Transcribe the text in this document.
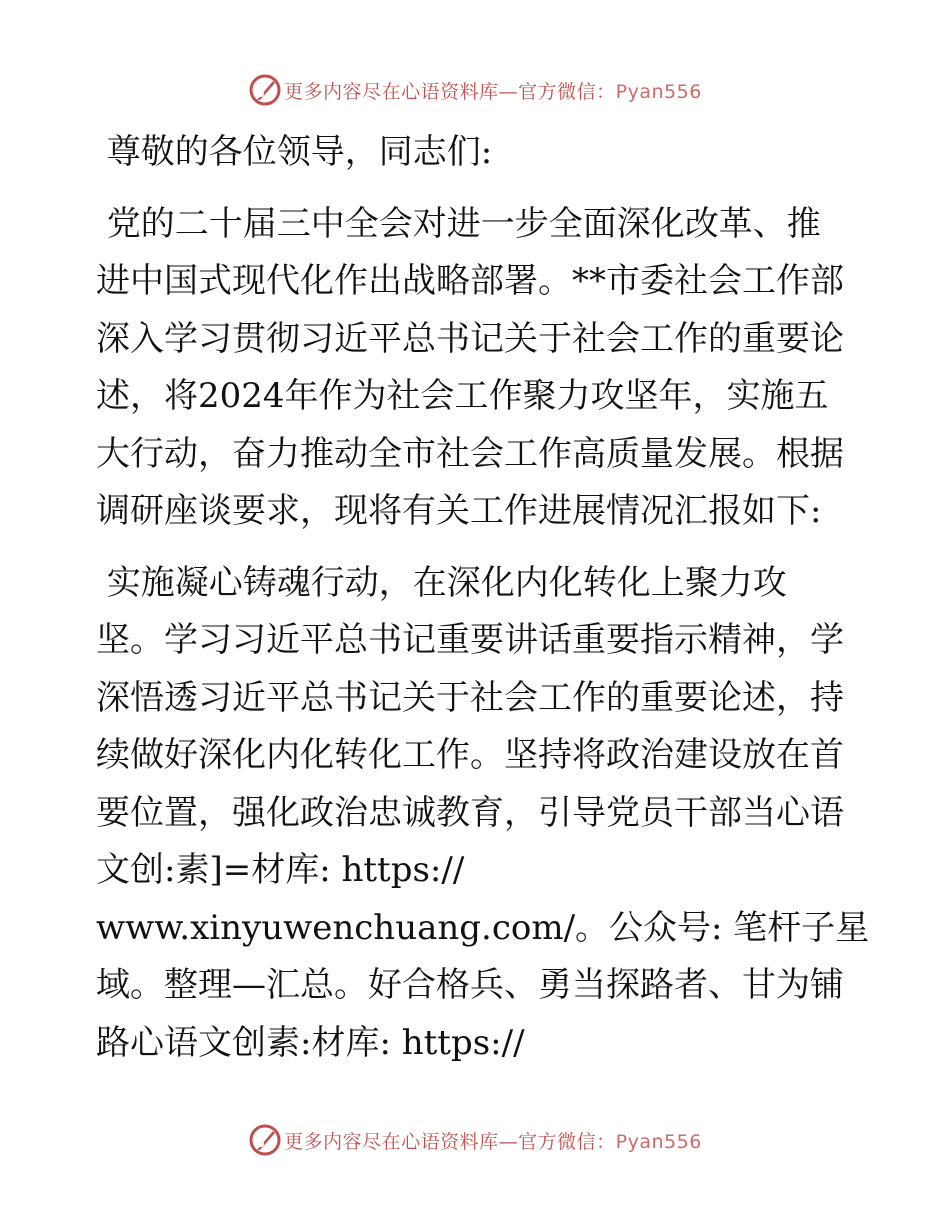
更多内容尽在心语资料库—官方微信：Pyan556

尊敬的各位领导，同志们:

党的二十届三中全会对进一步全面深化改革、推

进中国式现代化作出战略部署。**市委社会工作部

深入学习贯彻习近平总书记关于社会工作的重要论

述，将2024年作为社会工作聚力攻坚年，实施五

大行动，奋力推动全市社会工作高质量发展。根据

调研座谈要求，现将有关工作进展情况汇报如下:

实施凝心铸魂行动，在深化内化转化上聚力攻

坚。学习习近平总书记重要讲话重要指示精神，学

深悟透习近平总书记关于社会工作的重要论述，持

续做好深化内化转化工作。坚持将政治建设放在首

要位置，强化政治忠诚教育，引导党员干部当心语

文创:素]=材库: https://

www.xinyuwenchuang.com/。公众号: 笔杆子星

域。整理—汇总。好合格兵、勇当探路者、甘为铺

路心语文创素:材库: https://

更多内容尽在心语资料库—官方微信：Pyan556
